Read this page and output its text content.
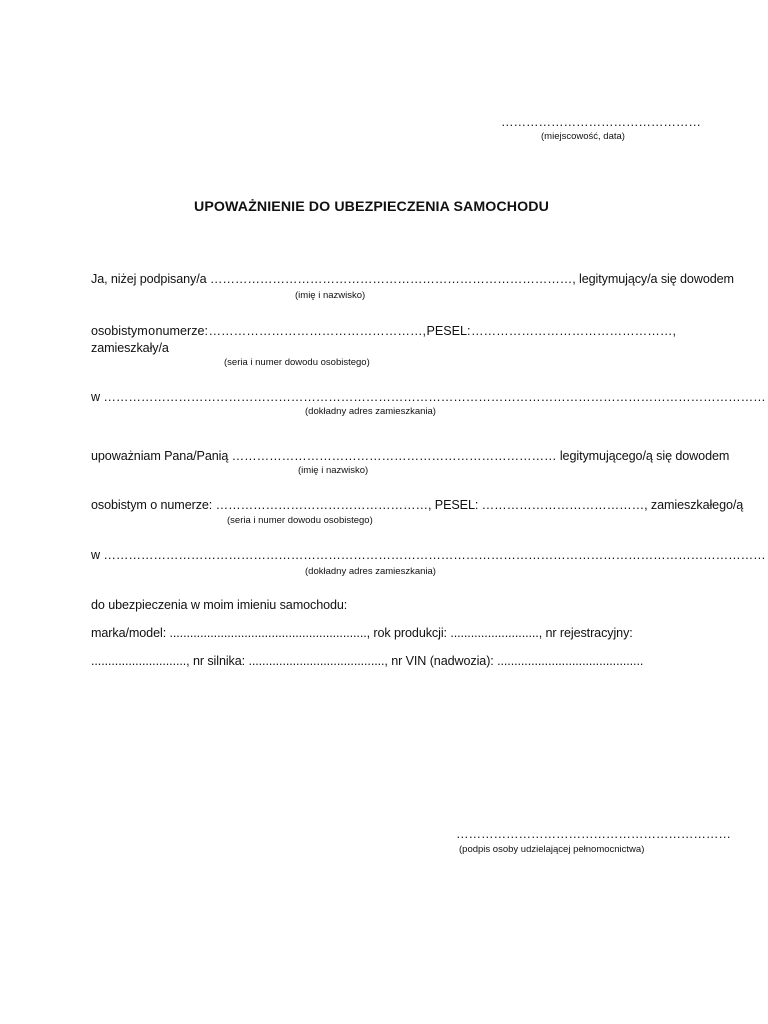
…………………………………………
(miejscowość, data)
UPOWAŻNIENIE DO UBEZPIECZENIA SAMOCHODU
Ja, niżej podpisany/a ……………………………………………………………………………, legitymujący/a się dowodem
(imię i nazwisko)
osobistym o numerze: ……………………………………………, PESEL: …………………………………………,
zamieszkały/a
(seria i numer dowodu osobistego)
w ……………………………………………………………………………………………………………………………………………
(dokładny adres zamieszkania)
upoważniam Pana/Panią …………………………………………………………………… legitymującego/ą się dowodem
(imię i nazwisko)
osobistym o numerze: ……………………………………………, PESEL: …………………………………, zamieszkałego/ą
(seria i numer dowodu osobistego)
w ……………………………………………………………………………………………………………………………………………
(dokładny adres zamieszkania)
do ubezpieczenia w moim imieniu samochodu:
marka/model: .........................................................., rok produkcji: .........................., nr rejestracyjny:
............................, nr silnika: ........................................, nr VIN (nadwozia): ...........................................
…………………………………………………………
(podpis osoby udzielającej pełnomocnictwa)
